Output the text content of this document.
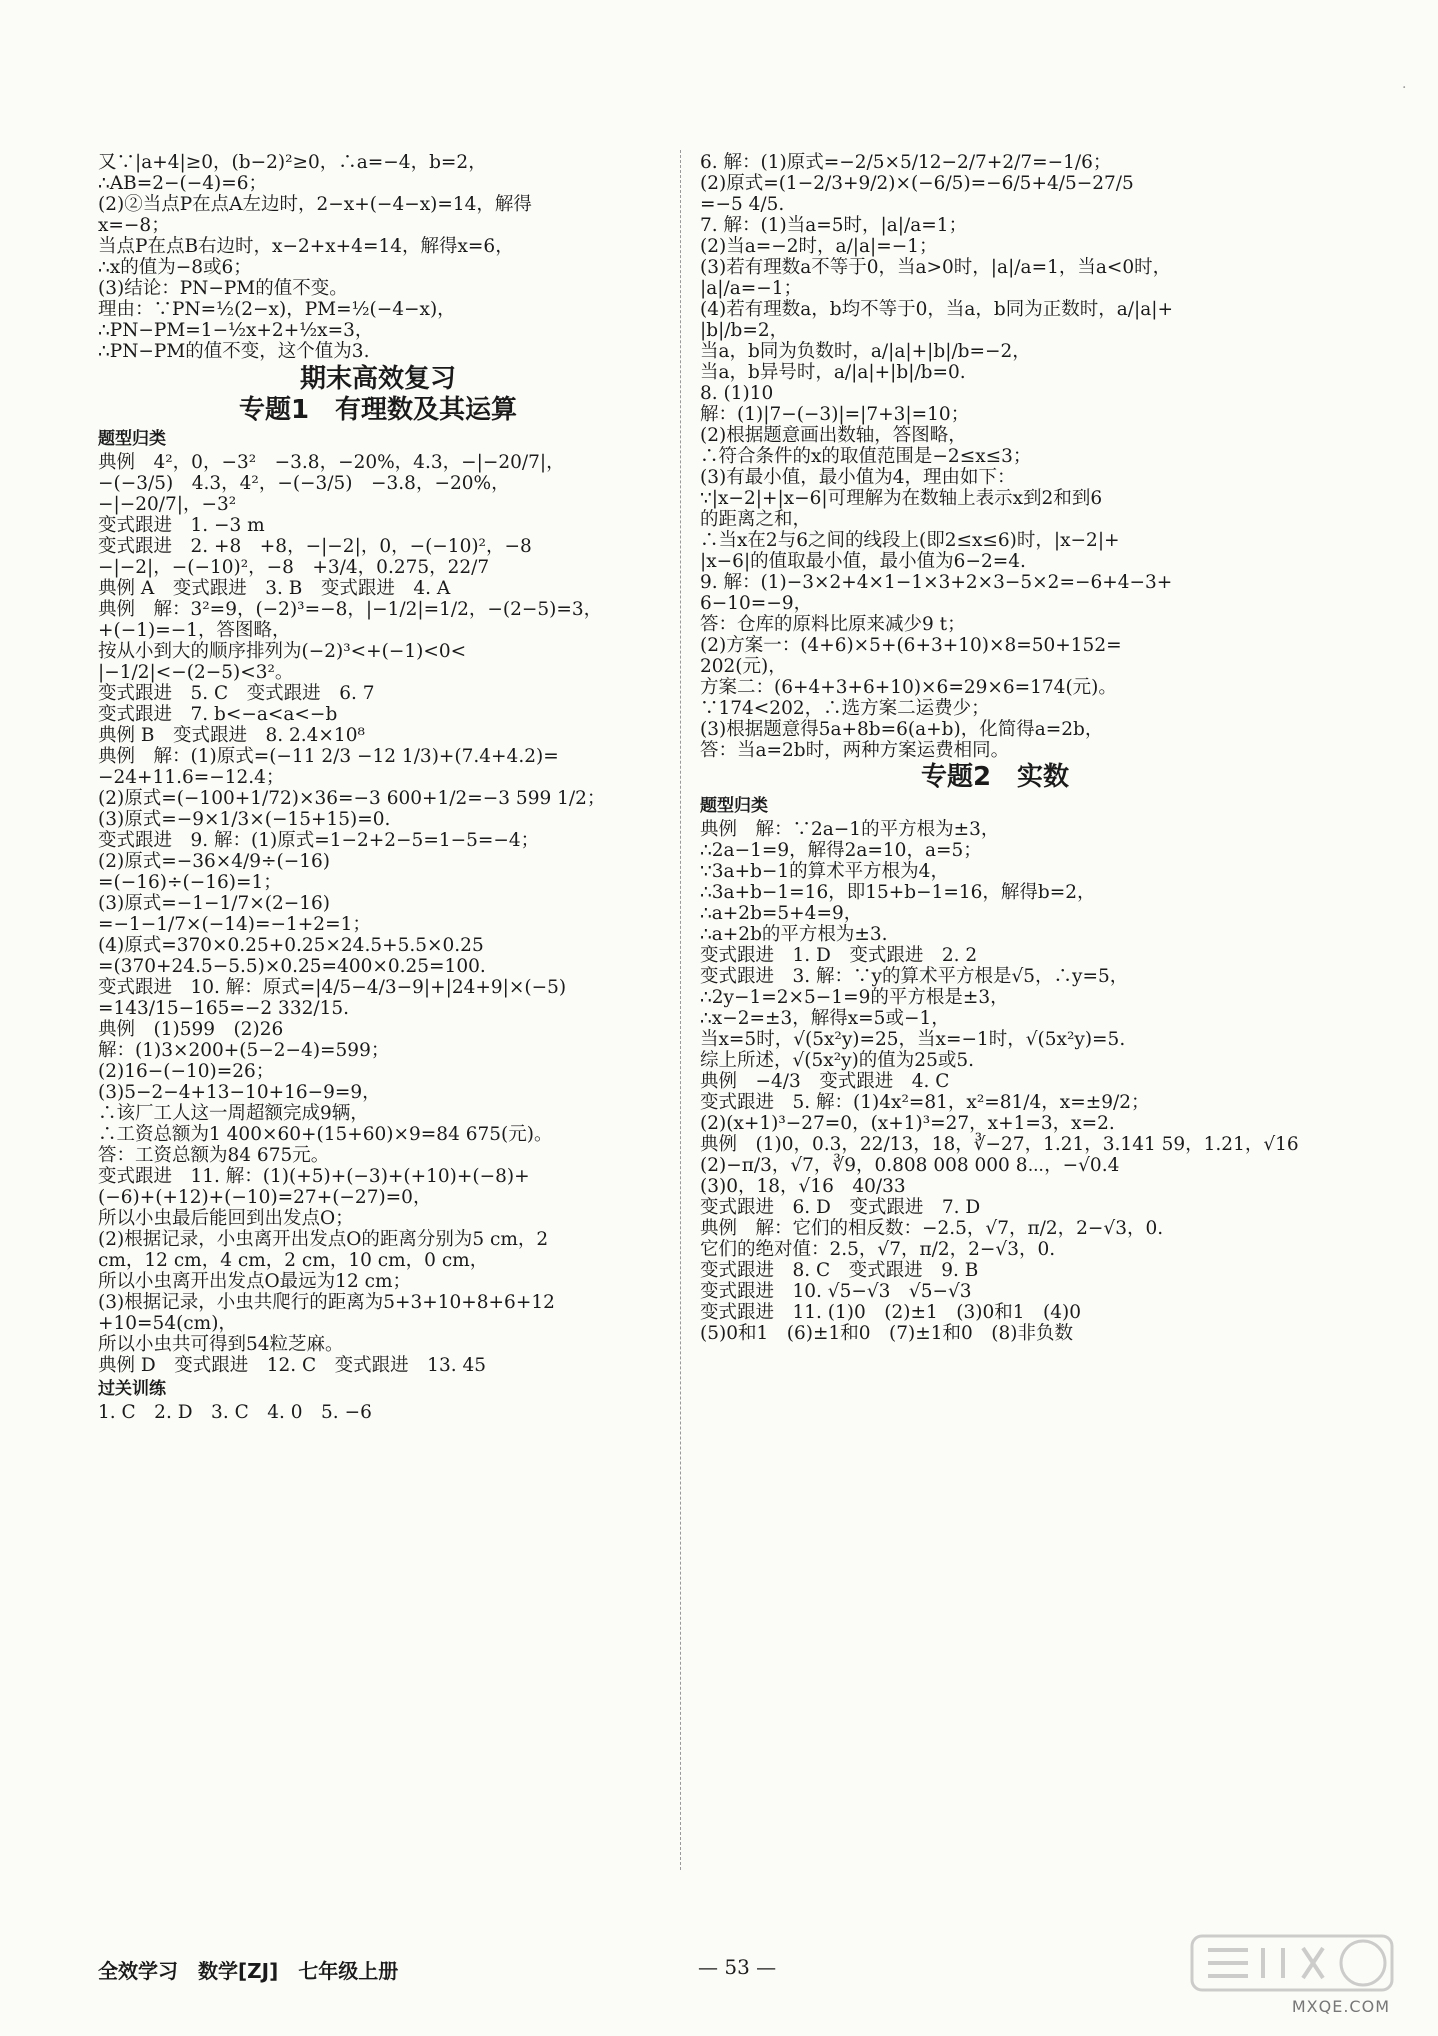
·

又∵|a+4|≥0，(b−2)²≥0，∴a=−4，b=2，

∴AB=2−(−4)=6；

(2)②当点P在点A左边时，2−x+(−4−x)=14，解得

x=−8；

当点P在点B右边时，x−2+x+4=14，解得x=6，

∴x的值为−8或6；

(3)结论：PN−PM的值不变。

理由：∵PN=½(2−x)，PM=½(−4−x)，

∴PN−PM=1−½x+2+½x=3，

∴PN−PM的值不变，这个值为3.

期末高效复习
专题1　有理数及其运算
题型归类

典例　4²，0，−3²　−3.8，−20%，4.3，−|−20/7|，

−(−3/5)　4.3，4²，−(−3/5)　−3.8，−20%，

−|−20/7|，−3²

变式跟进　1. −3 m

变式跟进　2. +8　+8，−|−2|，0，−(−10)²，−8

−|−2|，−(−10)²，−8　+3/4，0.275，22/7

典例 A　变式跟进　3. B　变式跟进　4. A

典例　解：3²=9，(−2)³=−8，|−1/2|=1/2，−(2−5)=3，

+(−1)=−1，答图略，

按从小到大的顺序排列为(−2)³<+(−1)<0<

|−1/2|<−(2−5)<3²。

变式跟进　5. C　变式跟进　6. 7

变式跟进　7. b<−a<a<−b

典例 B　变式跟进　8. 2.4×10⁸

典例　解：(1)原式=(−11 2/3 −12 1/3)+(7.4+4.2)=

−24+11.6=−12.4；

(2)原式=(−100+1/72)×36=−3 600+1/2=−3 599 1/2；

(3)原式=−9×1/3×(−15+15)=0.

变式跟进　9. 解：(1)原式=1−2+2−5=1−5=−4；

(2)原式=−36×4/9÷(−16)

=(−16)÷(−16)=1；

(3)原式=−1−1/7×(2−16)

=−1−1/7×(−14)=−1+2=1；

(4)原式=370×0.25+0.25×24.5+5.5×0.25

=(370+24.5−5.5)×0.25=400×0.25=100.

变式跟进　10. 解：原式=|4/5−4/3−9|+|24+9|×(−5)

=143/15−165=−2 332/15.

典例　(1)599　(2)26

解：(1)3×200+(5−2−4)=599；

(2)16−(−10)=26；

(3)5−2−4+13−10+16−9=9，

∴该厂工人这一周超额完成9辆，

∴工资总额为1 400×60+(15+60)×9=84 675(元)。

答：工资总额为84 675元。

变式跟进　11. 解：(1)(+5)+(−3)+(+10)+(−8)+

(−6)+(+12)+(−10)=27+(−27)=0，

所以小虫最后能回到出发点O；

(2)根据记录，小虫离开出发点O的距离分别为5 cm，2

cm，12 cm，4 cm，2 cm，10 cm，0 cm，

所以小虫离开出发点O最远为12 cm；

(3)根据记录，小虫共爬行的距离为5+3+10+8+6+12

+10=54(cm)，

所以小虫共可得到54粒芝麻。

典例 D　变式跟进　12. C　变式跟进　13. 45

过关训练

1. C　2. D　3. C　4. 0　5. −6

6. 解：(1)原式=−2/5×5/12−2/7+2/7=−1/6；

(2)原式=(1−2/3+9/2)×(−6/5)=−6/5+4/5−27/5

=−5 4/5.

7. 解：(1)当a=5时，|a|/a=1；

(2)当a=−2时，a/|a|=−1；

(3)若有理数a不等于0，当a>0时，|a|/a=1，当a<0时，

|a|/a=−1；

(4)若有理数a，b均不等于0，当a，b同为正数时，a/|a|+

|b|/b=2，

当a，b同为负数时，a/|a|+|b|/b=−2，

当a，b异号时，a/|a|+|b|/b=0.

8. (1)10

解：(1)|7−(−3)|=|7+3|=10；

(2)根据题意画出数轴，答图略，

∴符合条件的x的取值范围是−2≤x≤3；

(3)有最小值，最小值为4，理由如下：

∵|x−2|+|x−6|可理解为在数轴上表示x到2和到6

的距离之和，

∴当x在2与6之间的线段上(即2≤x≤6)时，|x−2|+

|x−6|的值取最小值，最小值为6−2=4.

9. 解：(1)−3×2+4×1−1×3+2×3−5×2=−6+4−3+

6−10=−9，

答：仓库的原料比原来减少9 t；

(2)方案一：(4+6)×5+(6+3+10)×8=50+152=

202(元)，

方案二：(6+4+3+6+10)×6=29×6=174(元)。

∵174<202，∴选方案二运费少；

(3)根据题意得5a+8b=6(a+b)，化简得a=2b，

答：当a=2b时，两种方案运费相同。

专题2　实数
题型归类

典例　解：∵2a−1的平方根为±3，

∴2a−1=9，解得2a=10，a=5；

∵3a+b−1的算术平方根为4，

∴3a+b−1=16，即15+b−1=16，解得b=2，

∴a+2b=5+4=9，

∴a+2b的平方根为±3.

变式跟进　1. D　变式跟进　2. 2

变式跟进　3. 解：∵y的算术平方根是√5，∴y=5，

∴2y−1=2×5−1=9的平方根是±3，

∴x−2=±3，解得x=5或−1，

当x=5时，√(5x²y)=25，当x=−1时，√(5x²y)=5.

综上所述，√(5x²y)的值为25或5.

典例　−4/3　变式跟进　4. C

变式跟进　5. 解：(1)4x²=81，x²=81/4，x=±9/2；

(2)(x+1)³−27=0，(x+1)³=27，x+1=3，x=2.

典例　(1)0，0.3，22/13，18，∛−27，1.21，3.141 59，1.21，√16

(2)−π/3，√7，∛9，0.808 008 000 8⋯，−√0.4

(3)0，18，√16　40/33

变式跟进　6. D　变式跟进　7. D

典例　解：它们的相反数：−2.5，√7，π/2，2−√3，0.

它们的绝对值：2.5，√7，π/2，2−√3，0.

变式跟进　8. C　变式跟进　9. B

变式跟进　10. √5−√3　√5−√3

变式跟进　11. (1)0　(2)±1　(3)0和1　(4)0

(5)0和1　(6)±1和0　(7)±1和0　(8)非负数

全效学习　数学[ZJ]　七年级上册	— 53 —
MXQE.COM
